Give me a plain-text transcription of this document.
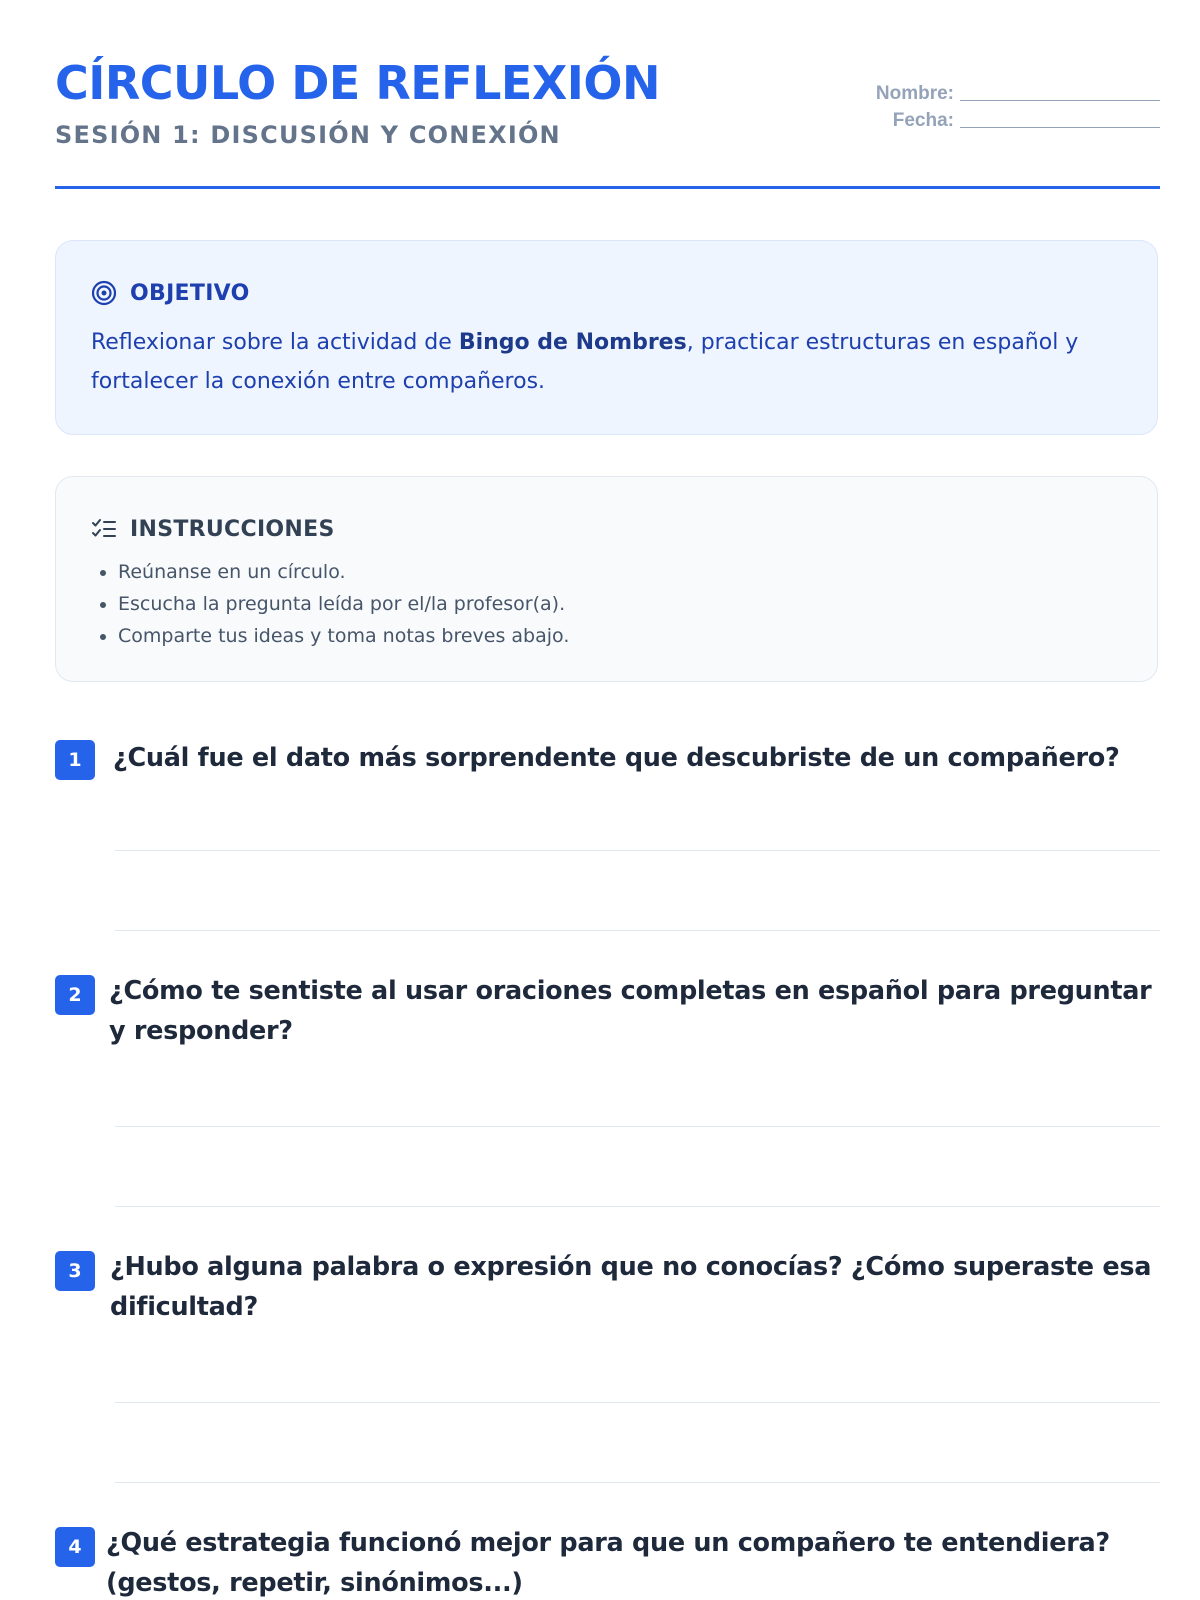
CÍRCULO DE REFLEXIÓN
SESIÓN 1: DISCUSIÓN Y CONEXIÓN
Nombre:
Fecha:
OBJETIVO

Reflexionar sobre la actividad de Bingo de Nombres, practicar estructuras en español y fortalecer la conexión entre compañeros.

INSTRUCCIONES
• Reúnanse en un círculo.
• Escucha la pregunta leída por el/la profesor(a).
• Comparte tus ideas y toma notas breves abajo.
1	¿Cuál fue el dato más sorprendente que descubriste de un compañero?

2	¿Cómo te sentiste al usar oraciones completas en español para preguntar y responder?

3	¿Hubo alguna palabra o expresión que no conocías? ¿Cómo superaste esa dificultad?

4 ¿Qué estrategia funcionó mejor para que un compañero te entendiera? (gestos, repetir, sinónimos...)
